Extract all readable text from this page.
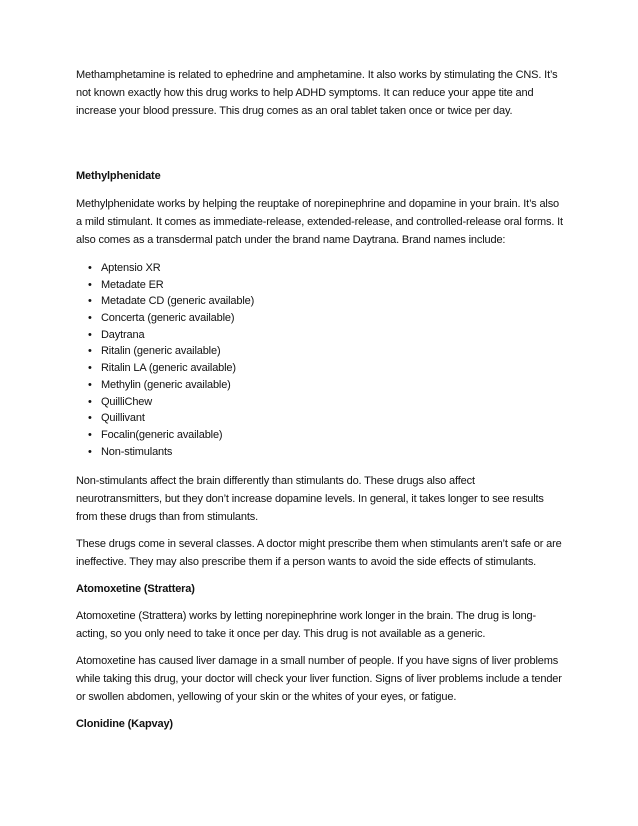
Methamphetamine is related to ephedrine and amphetamine. It also works by stimulating the CNS. It’s
not known exactly how this drug works to help ADHD symptoms. It can reduce your appe tite and
increase your blood pressure. This drug comes as an oral tablet taken once or twice per day.

Methylphenidate

Methylphenidate works by helping the reuptake of norepinephrine and dopamine in your brain. It’s also
a mild stimulant. It comes as immediate-release, extended-release, and controlled-release oral forms. It
also comes as a transdermal patch under the brand name Daytrana. Brand names include:

• Aptensio XR
• Metadate ER
• Metadate CD (generic available)
• Concerta (generic available)
• Daytrana
• Ritalin (generic available)
• Ritalin LA (generic available)
• Methylin (generic available)
• QuilliChew
• Quillivant
• Focalin(generic available)
• Non-stimulants

Non-stimulants affect the brain differently than stimulants do. These drugs also affect
neurotransmitters, but they don’t increase dopamine levels. In general, it takes longer to see results
from these drugs than from stimulants.

These drugs come in several classes. A doctor might prescribe them when stimulants aren’t safe or are
ineffective. They may also prescribe them if a person wants to avoid the side effects of stimulants.

Atomoxetine (Strattera)

Atomoxetine (Strattera) works by letting norepinephrine work longer in the brain. The drug is long-
acting, so you only need to take it once per day. This drug is not available as a generic.

Atomoxetine has caused liver damage in a small number of people. If you have signs of liver problems
while taking this drug, your doctor will check your liver function. Signs of liver problems include a tender
or swollen abdomen, yellowing of your skin or the whites of your eyes, or fatigue.

Clonidine (Kapvay)
